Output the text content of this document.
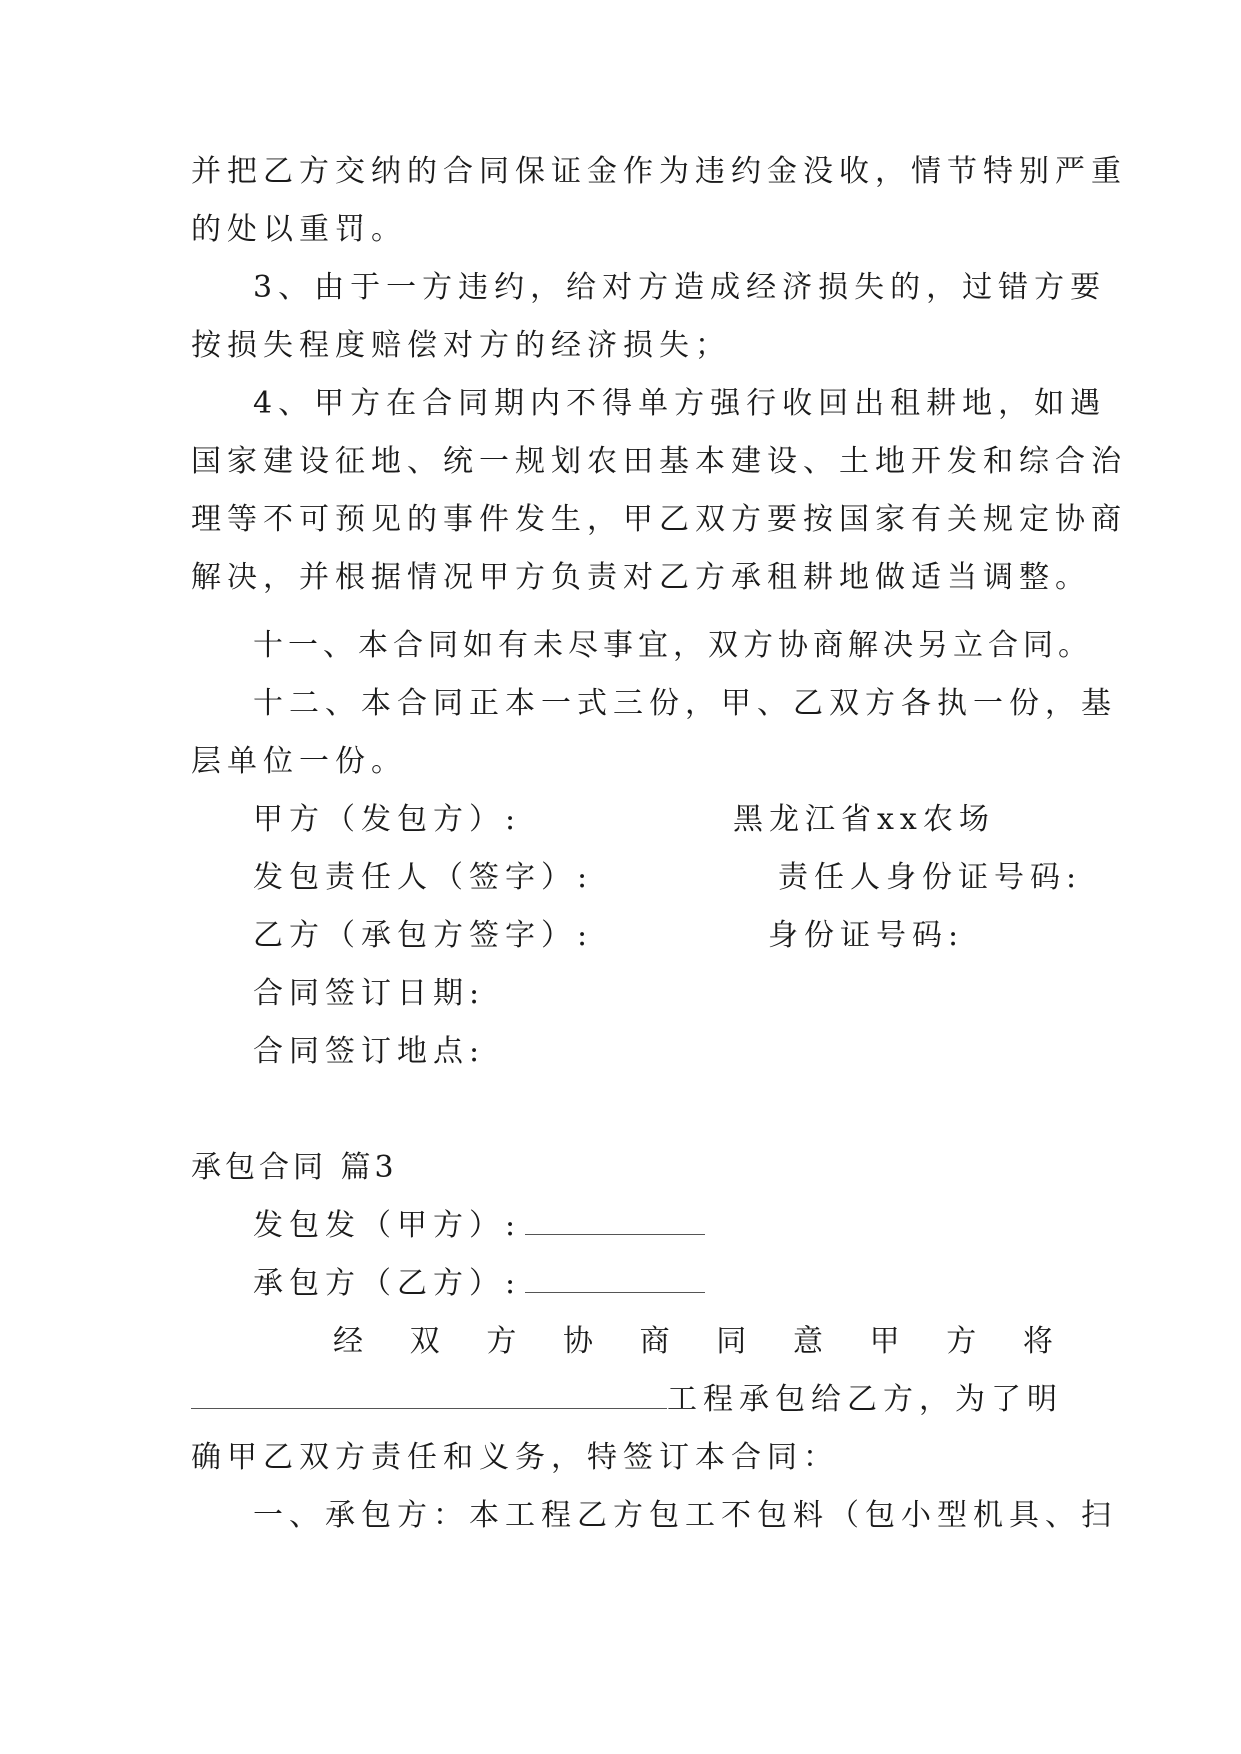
并把乙方交纳的合同保证金作为违约金没收，情节特别严重
的处以重罚。
3、由于一方违约，给对方造成经济损失的，过错方要
按损失程度赔偿对方的经济损失；
4、甲方在合同期内不得单方强行收回出租耕地，如遇
国家建设征地、统一规划农田基本建设、土地开发和综合治
理等不可预见的事件发生，甲乙双方要按国家有关规定协商
解决，并根据情况甲方负责对乙方承租耕地做适当调整。
十一、本合同如有未尽事宜，双方协商解决另立合同。
十二、本合同正本一式三份，甲、乙双方各执一份，基
层单位一份。
甲方（发包方）:	黑龙江省xx农场
发包责任人（签字）:	责任人身份证号码:
乙方（承包方签字）:	身份证号码:
合同签订日期:
合同签订地点:
承包合同 篇3
发包发（甲方）:
承包方（乙方）:
经 双 方 协 商 同 意 甲 方 将
工程承包给乙方，为了明
确甲乙双方责任和义务，特签订本合同：
一、承包方：本工程乙方包工不包料（包小型机具、扫
